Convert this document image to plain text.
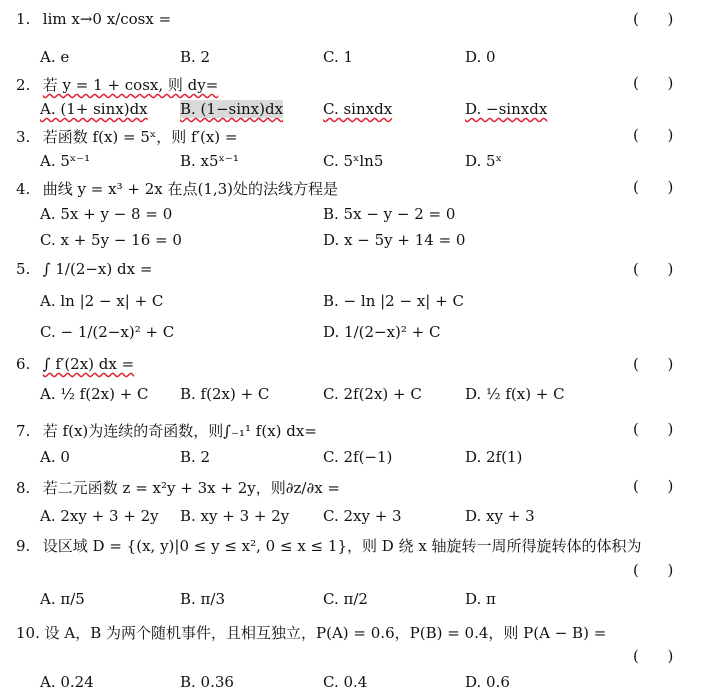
1. lim x→0 x/cosx =	(      )
A. e	B. 2	C. 1	D. 0
2. 若 y = 1 + cosx, 则 dy=	(      )
A. (1+ sinx)dx B. (1−sinx)dx	C. sinxdx	D. −sinxdx
3. 若函数 f(x) = 5ˣ，则 f′(x) =	(      )
A. 5ˣ⁻¹	B. x5ˣ⁻¹	C. 5ˣln5	D. 5ˣ
4. 曲线 y = x³ + 2x 在点(1,3)处的法线方程是	(      )
A. 5x + y − 8 = 0	B. 5x − y − 2 = 0
C. x + 5y − 16 = 0	D. x − 5y + 14 = 0
5. ∫ 1/(2−x) dx =	(      )
A. ln |2 − x| + C	B. − ln |2 − x| + C
C. − 1/(2−x)² + C	D. 1/(2−x)² + C
6. ∫ f′(2x) dx =	(      )
A. ½ f(2x) + C B. f(2x) + C	C. 2f(2x) + C	D. ½ f(x) + C
7. 若 f(x)为连续的奇函数，则∫₋₁¹ f(x) dx=	(      )
A. 0	B. 2	C. 2f(−1)	D. 2f(1)
8. 若二元函数 z = x²y + 3x + 2y，则∂z/∂x =	(      )
A. 2xy + 3 + 2y B. xy + 3 + 2y C. 2xy + 3	D. xy + 3
9. 设区域 D = {(x, y)|0 ≤ y ≤ x², 0 ≤ x ≤ 1}，则 D 绕 x 轴旋转一周所得旋转体的体积为
(      )
A. π/5	B. π/3	C. π/2	D. π
10. 设 A，B 为两个随机事件，且相互独立，P(A) = 0.6，P(B) = 0.4，则 P(A − B) =
(      )
A. 0.24	B. 0.36	C. 0.4	D. 0.6
